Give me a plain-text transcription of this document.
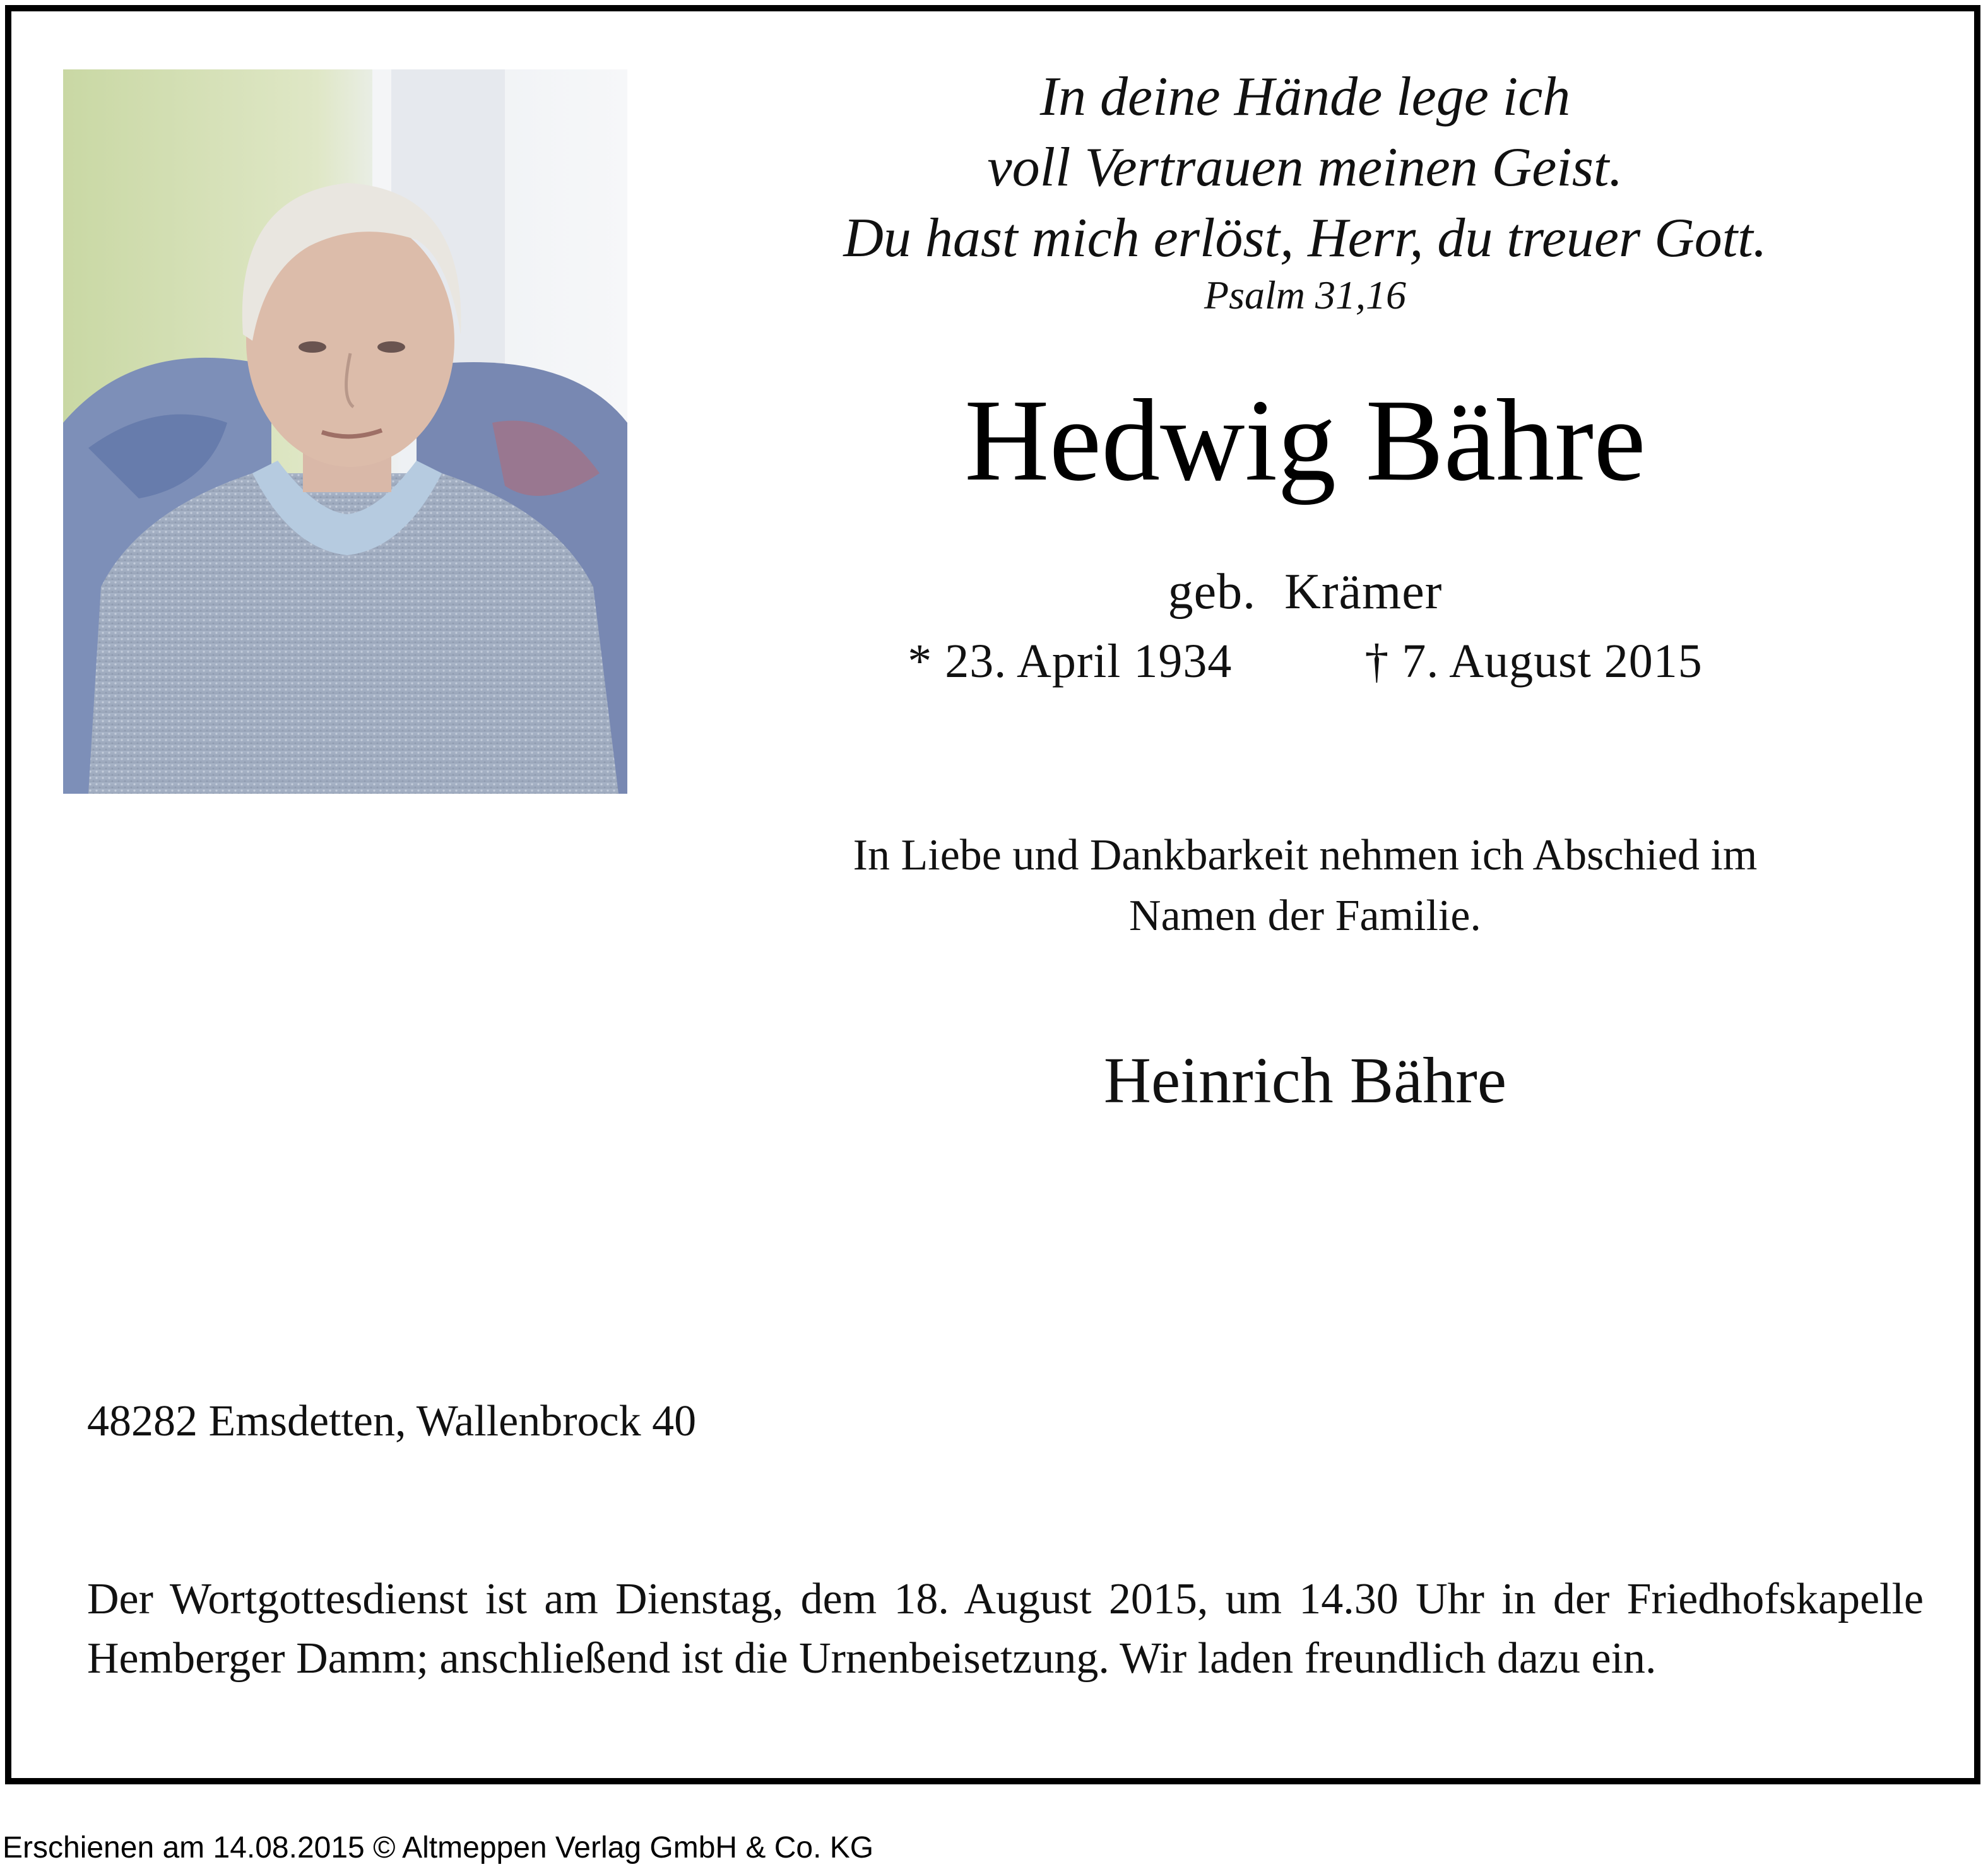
In deine Hände lege ich
voll Vertrauen meinen Geist.
Du hast mich erlöst, Herr, du treuer Gott.
Psalm 31,16
Hedwig Bähre
geb. Krämer
* 23. April 1934	† 7. August 2015
In Liebe und Dankbarkeit nehmen ich Abschied im
Namen der Familie.
Heinrich Bähre
48282 Emsdetten, Wallenbrock 40
Der Wortgottesdienst ist am Dienstag, dem 18. August 2015, um 14.30 Uhr in der Friedhofskapelle Hemberger Damm; anschließend ist die Urnenbeisetzung. Wir laden freundlich dazu ein.
Erschienen am 14.08.2015 © Altmeppen Verlag GmbH & Co. KG
